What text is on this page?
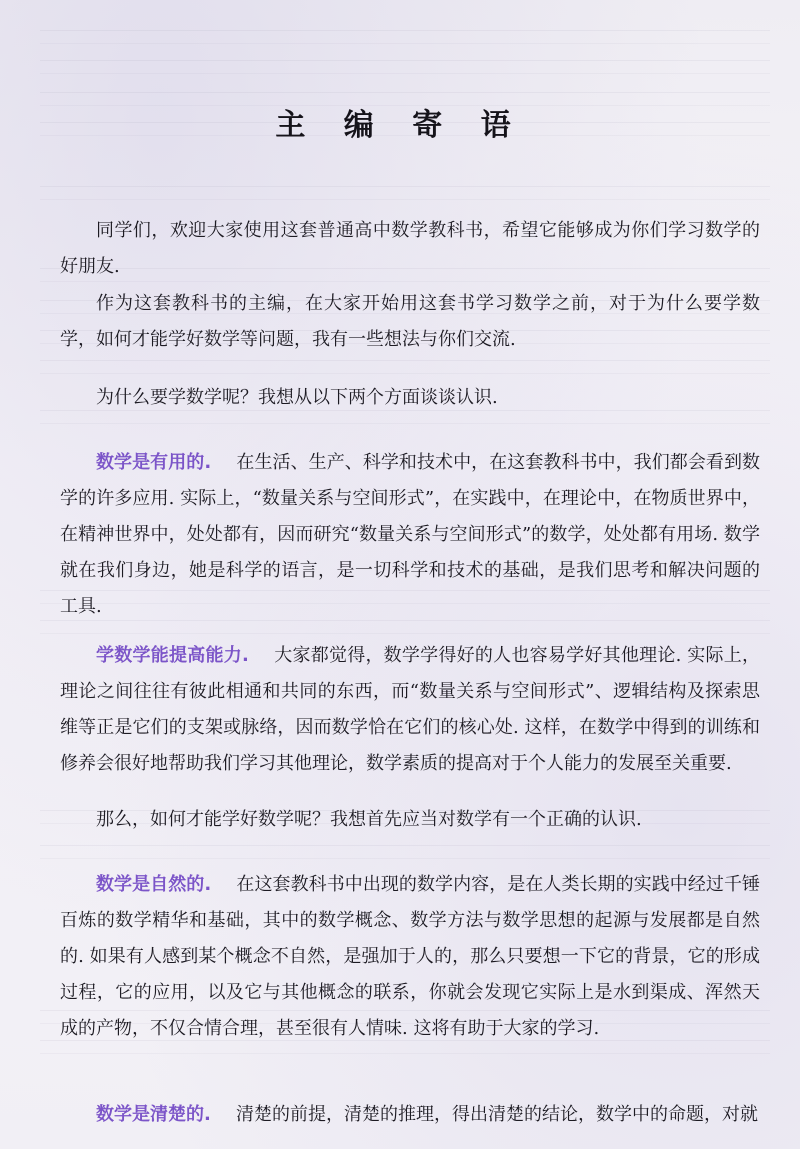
主 编 寄 语

同学们，欢迎大家使用这套普通高中数学教科书，希望它能够成为你们学习数学的好朋友.

作为这套教科书的主编，在大家开始用这套书学习数学之前，对于为什么要学数学，如何才能学好数学等问题，我有一些想法与你们交流.

为什么要学数学呢？我想从以下两个方面谈谈认识.

数学是有用的. 在生活、生产、科学和技术中，在这套教科书中，我们都会看到数学的许多应用. 实际上，“数量关系与空间形式”，在实践中，在理论中，在物质世界中，在精神世界中，处处都有，因而研究“数量关系与空间形式”的数学，处处都有用场. 数学就在我们身边，她是科学的语言，是一切科学和技术的基础，是我们思考和解决问题的工具.

学数学能提高能力. 大家都觉得，数学学得好的人也容易学好其他理论. 实际上，理论之间往往有彼此相通和共同的东西，而“数量关系与空间形式”、逻辑结构及探索思维等正是它们的支架或脉络，因而数学恰在它们的核心处. 这样，在数学中得到的训练和修养会很好地帮助我们学习其他理论，数学素质的提高对于个人能力的发展至关重要.

那么，如何才能学好数学呢？我想首先应当对数学有一个正确的认识.

数学是自然的. 在这套教科书中出现的数学内容，是在人类长期的实践中经过千锤百炼的数学精华和基础，其中的数学概念、数学方法与数学思想的起源与发展都是自然的. 如果有人感到某个概念不自然，是强加于人的，那么只要想一下它的背景，它的形成过程，它的应用，以及它与其他概念的联系，你就会发现它实际上是水到渠成、浑然天成的产物，不仅合情合理，甚至很有人情味. 这将有助于大家的学习.

数学是清楚的. 清楚的前提，清楚的推理，得出清楚的结论，数学中的命题，对就
